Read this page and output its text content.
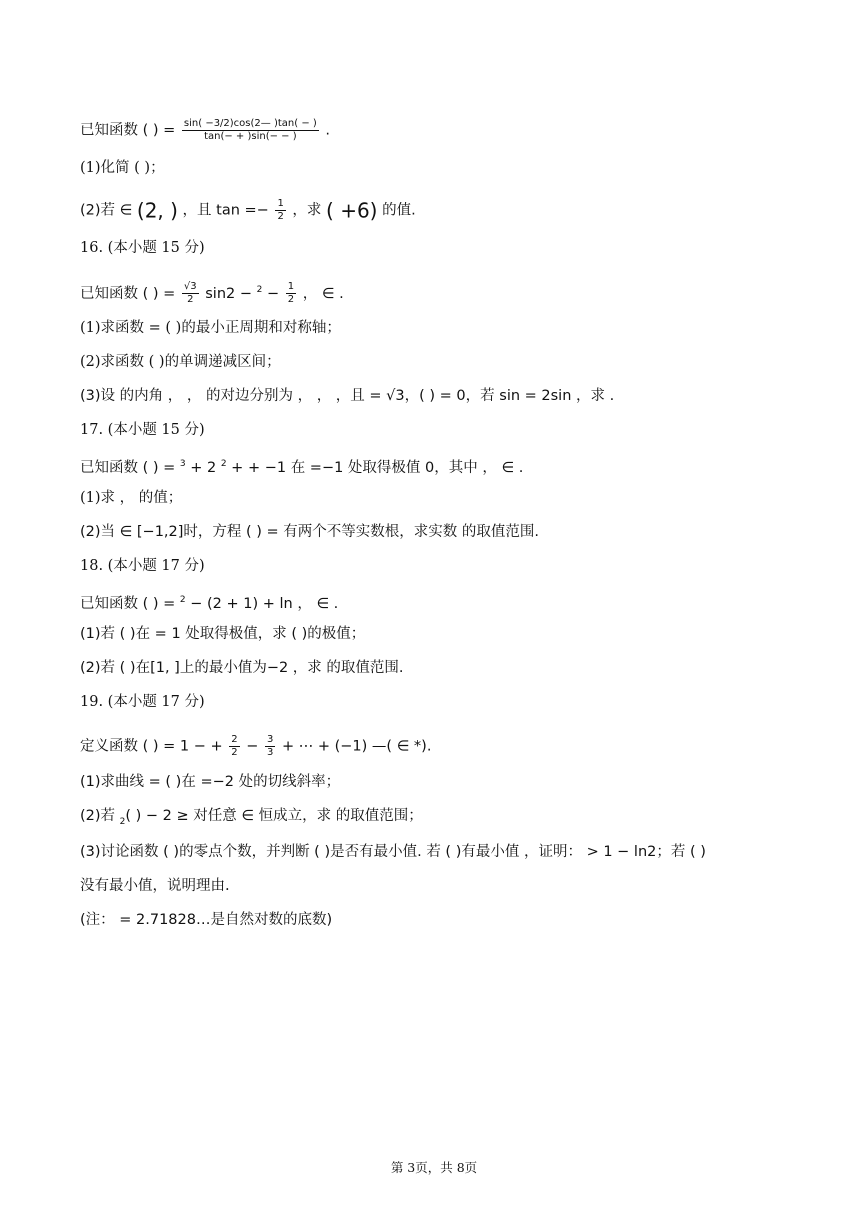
已知函数 ( ) = $\frac{\sin( -3/2)\cos(2— )\tan( - )}{\tan(- + )\sin(- - )}$ .
(1)化简 ( )；
(2)若 ∈ (2, ) ，且 $\tan =- \frac{1}{2}$ ，求 ( +6) 的值.
16. (本小题 15 分)
已知函数 ( ) = $\frac{√3}{2} \sin 2 - ^2 - \frac{1}{2}$ ， ∈ .
(1)求函数 = ( )的最小正周期和对称轴；
(2)求函数 ( )的单调递减区间；
(3)设 的内角 ， ， 的对边分别为 ， ， ，且 = √3，( ) = 0，若 sin = 2sin ，求 .
17. (本小题 15 分)
已知函数 ( ) = $^3$ + 2 $^2$ + + −1 在 =−1 处取得极值 0，其中 ， ∈ .
(1)求 ， 的值；
(2)当 ∈ [−1,2]时，方程 ( ) = 有两个不等实数根，求实数 的取值范围.
18. (本小题 17 分)
已知函数 ( ) = $^2$ − (2 + 1) + ln ， ∈ .
(1)若 ( )在 = 1 处取得极值，求 ( )的极值；
(2)若 ( )在[1, ]上的最小值为−2 ，求 的取值范围.
19. (本小题 17 分)
定义函数 ( ) = 1 − + $\frac{2}{2} - \frac{3}{3}$ + ⋯ + (−1) —( ∈ *).
(1)求曲线 = ( )在 =−2 处的切线斜率；
(2)若 $_2$( ) − 2 ≥ 对任意 ∈ 恒成立，求 的取值范围；
(3)讨论函数 ( )的零点个数，并判断 ( )是否有最小值. 若 ( )有最小值 ，证明： > 1 − ln2；若 ( )
没有最小值，说明理由.
(注： = 2.71828…是自然对数的底数)
第 3页，共 8页
